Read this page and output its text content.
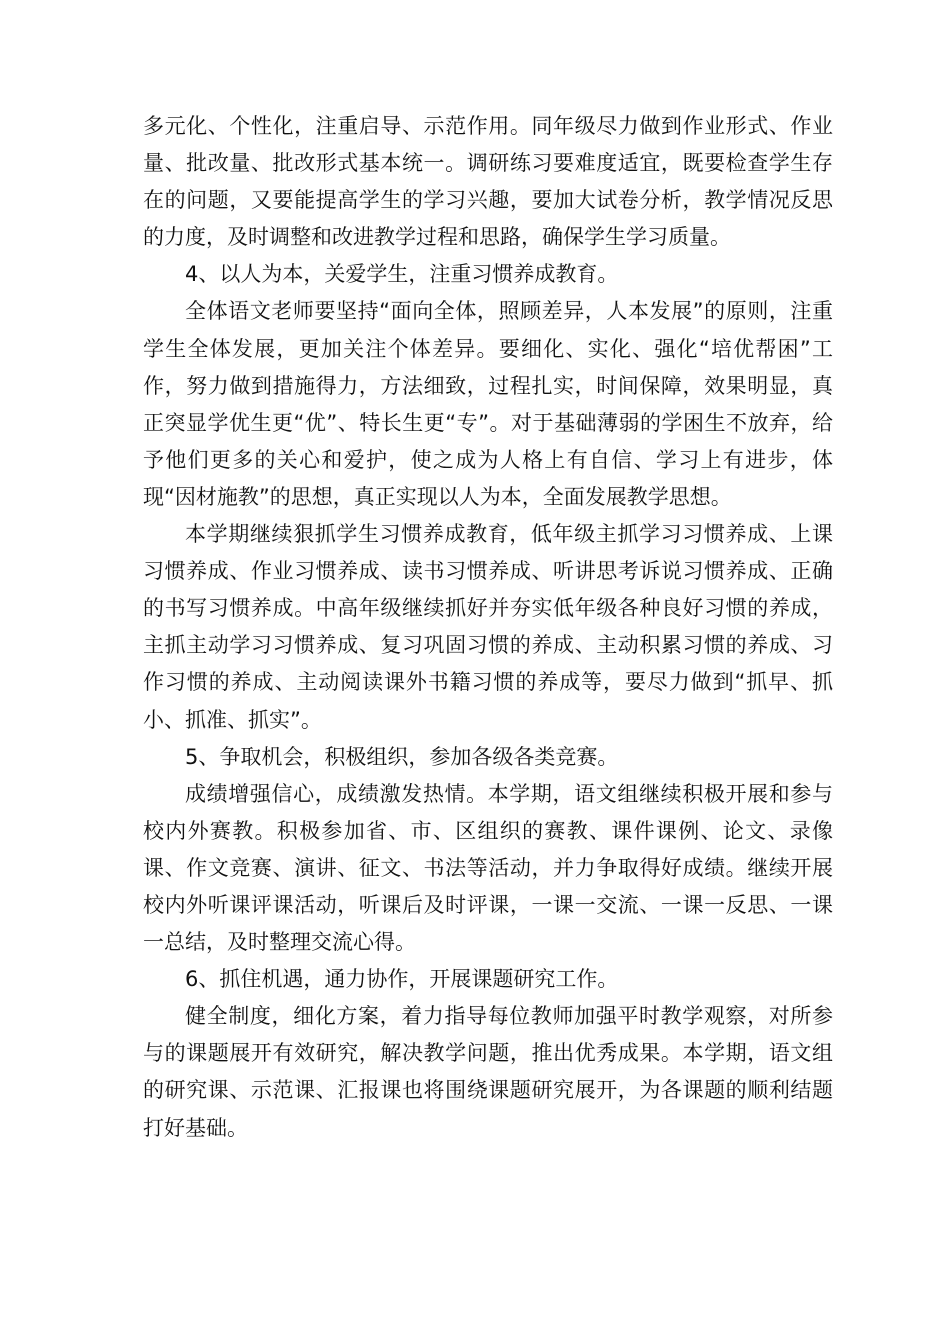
多元化、个性化，注重启导、示范作用。同年级尽力做到作业形式、作业量、批改量、批改形式基本统一。调研练习要难度适宜，既要检查学生存在的问题，又要能提高学生的学习兴趣，要加大试卷分析，教学情况反思的力度，及时调整和改进教学过程和思路，确保学生学习质量。

4、以人为本，关爱学生，注重习惯养成教育。

全体语文老师要坚持“面向全体，照顾差异，人本发展”的原则，注重学生全体发展，更加关注个体差异。要细化、实化、强化“培优帮困”工作，努力做到措施得力，方法细致，过程扎实，时间保障，效果明显，真正突显学优生更“优”、特长生更“专”。对于基础薄弱的学困生不放弃，给予他们更多的关心和爱护，使之成为人格上有自信、学习上有进步，体现“因材施教”的思想，真正实现以人为本，全面发展教学思想。

本学期继续狠抓学生习惯养成教育，低年级主抓学习习惯养成、上课习惯养成、作业习惯养成、读书习惯养成、听讲思考诉说习惯养成、正确的书写习惯养成。中高年级继续抓好并夯实低年级各种良好习惯的养成，主抓主动学习习惯养成、复习巩固习惯的养成、主动积累习惯的养成、习作习惯的养成、主动阅读课外书籍习惯的养成等，要尽力做到“抓早、抓小、抓准、抓实”。

5、争取机会，积极组织，参加各级各类竞赛。

成绩增强信心，成绩激发热情。本学期，语文组继续积极开展和参与校内外赛教。积极参加省、市、区组织的赛教、课件课例、论文、录像课、作文竞赛、演讲、征文、书法等活动，并力争取得好成绩。继续开展校内外听课评课活动，听课后及时评课，一课一交流、一课一反思、一课一总结，及时整理交流心得。

6、抓住机遇，通力协作，开展课题研究工作。

健全制度，细化方案，着力指导每位教师加强平时教学观察，对所参与的课题展开有效研究，解决教学问题，推出优秀成果。本学期，语文组的研究课、示范课、汇报课也将围绕课题研究展开，为各课题的顺利结题打好基础。
